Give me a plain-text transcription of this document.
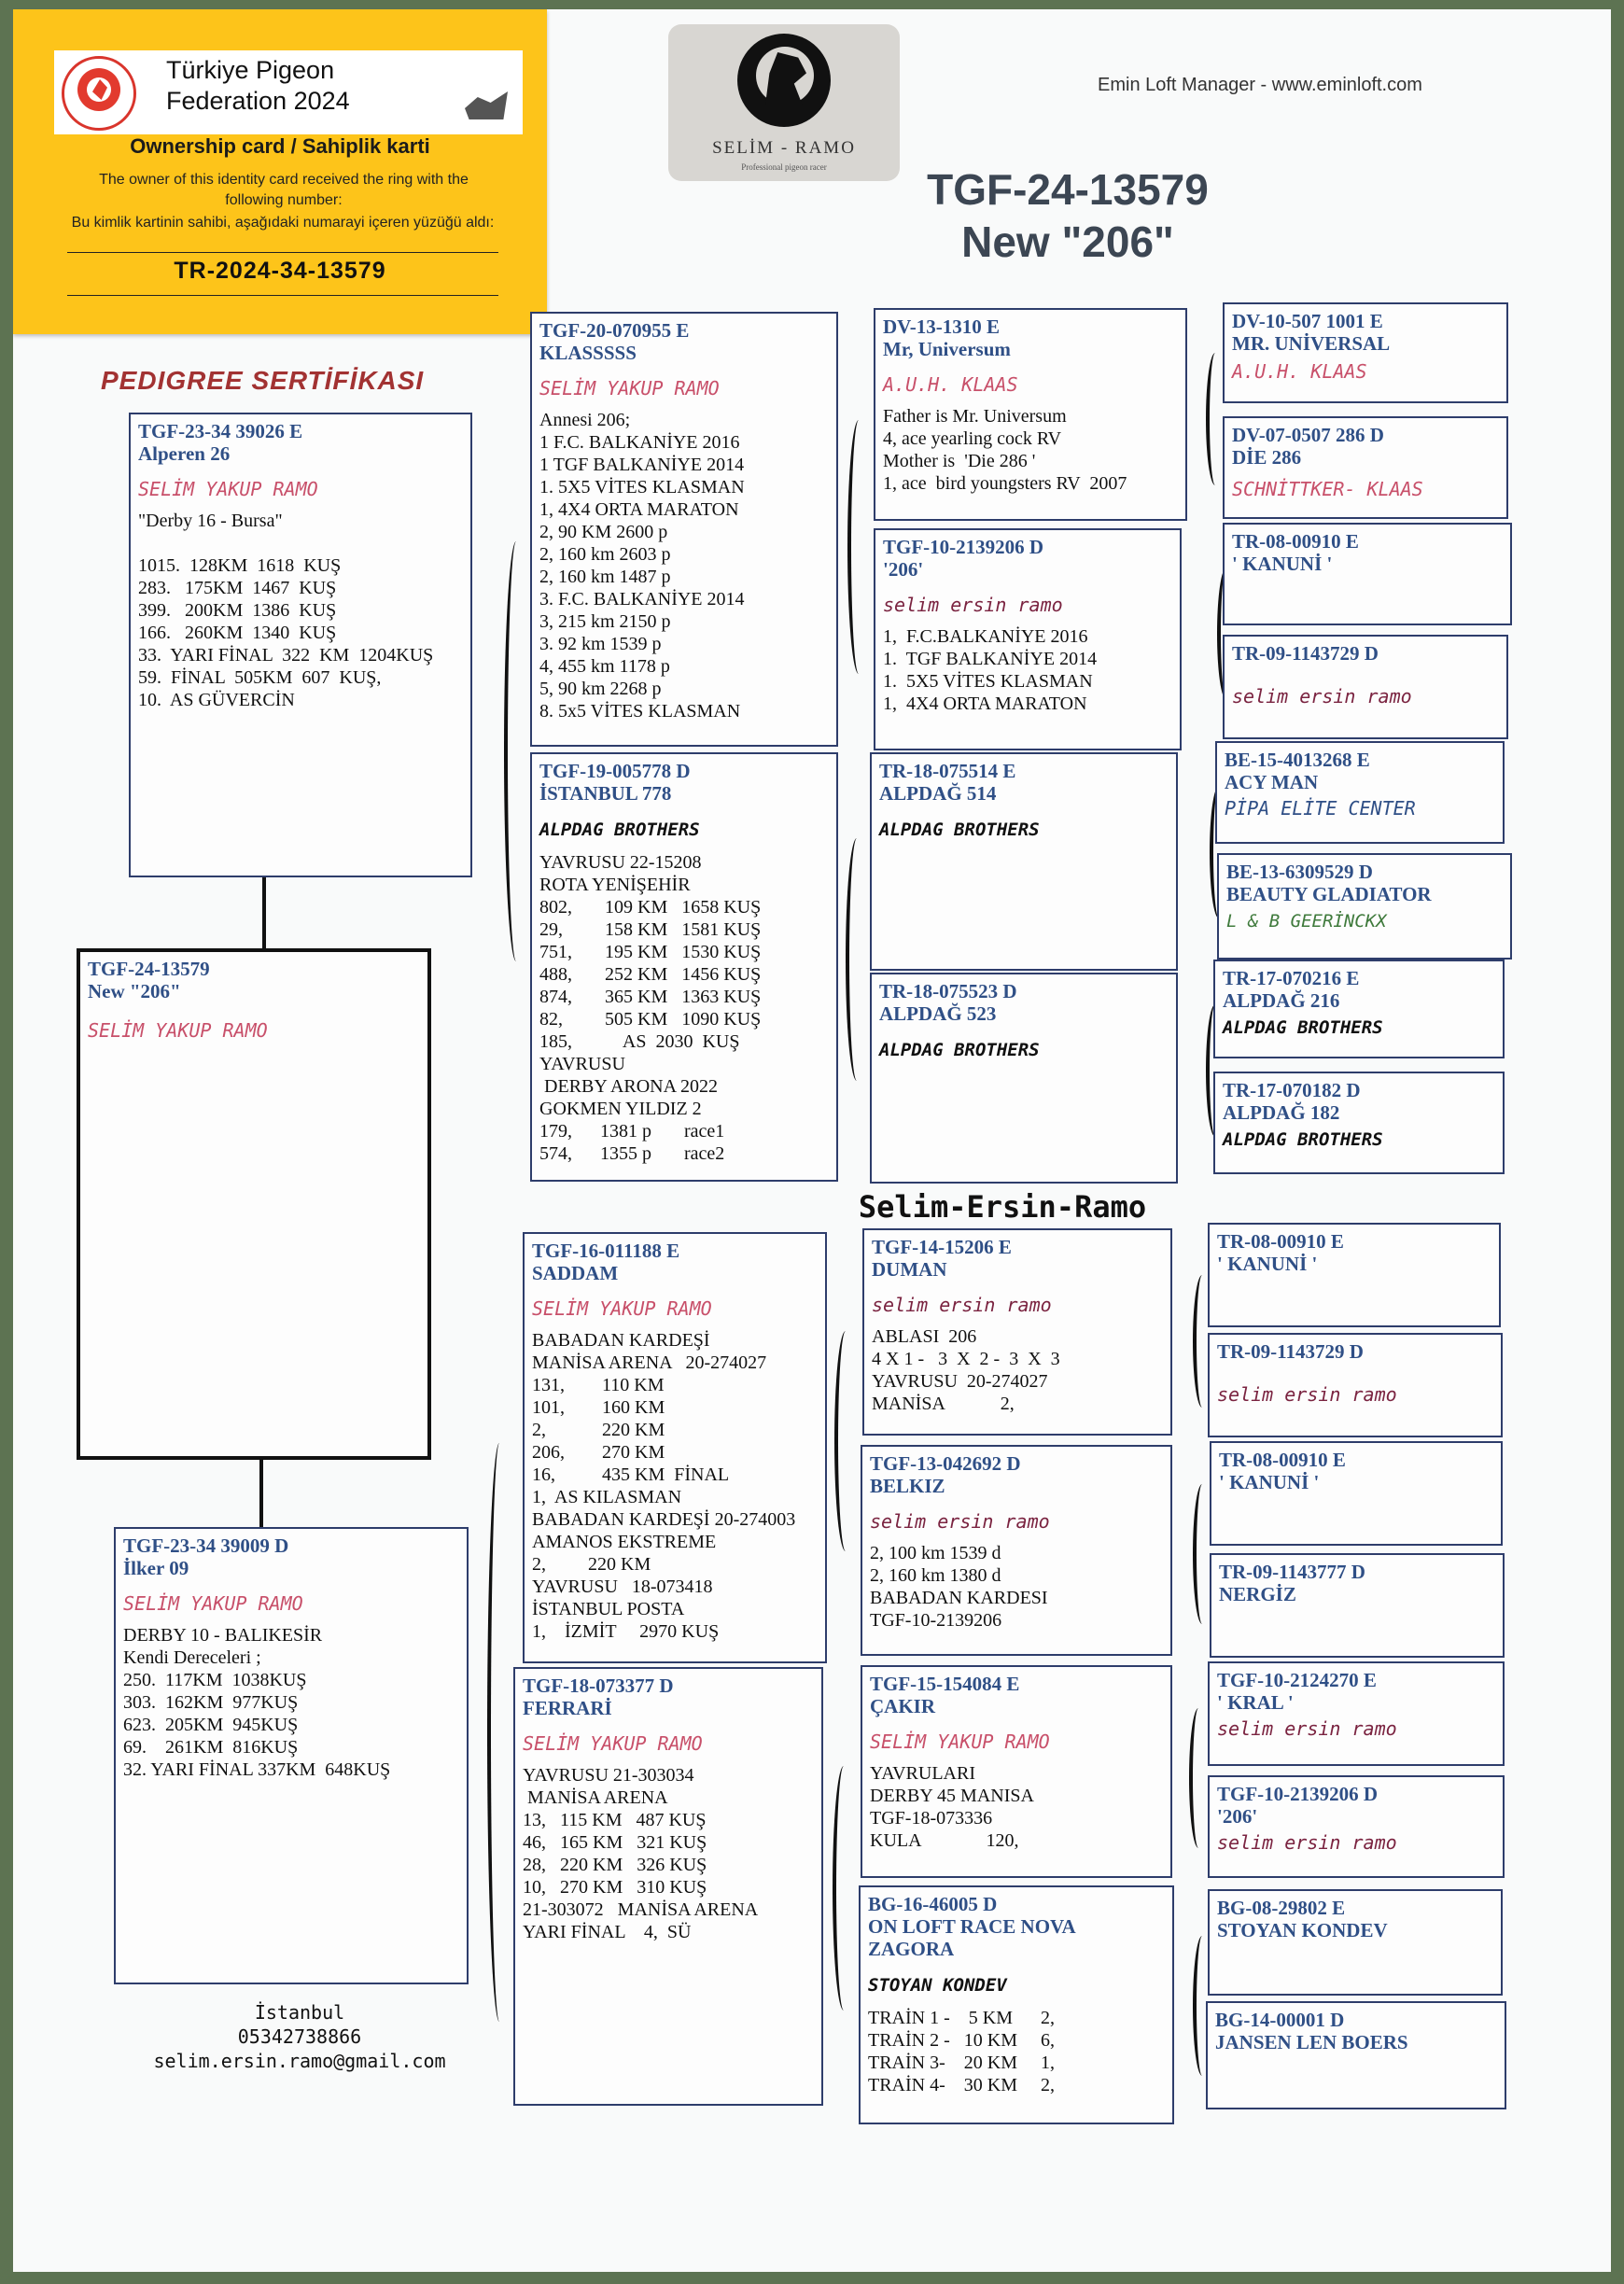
Türkiye Pigeon
Federation 2024
Ownership card / Sahiplik karti
The owner of this identity card received the ring with the following number:
Bu kimlik kartinin sahibi, aşağıdaki numarayi içeren yüzüğü aldı:
TR-2024-34-13579
SELİM - RAMO
Professional pigeon racer
Emin Loft Manager - www.eminloft.com
TGF-24-13579
New "206"
PEDIGREE SERTİFİKASI
TGF-24-13579
New "206"
SELİM YAKUP RAMO
TGF-23-34 39026 E
Alperen 26
SELİM YAKUP RAMO
"Derby 16 - Bursa"

1015.  128KM  1618  KUŞ
283.   175KM  1467  KUŞ
399.   200KM  1386  KUŞ
166.   260KM  1340  KUŞ
33.  YARI FİNAL  322  KM  1204KUŞ
59.  FİNAL  505KM  607  KUŞ,
10.  AS GÜVERCİN
TGF-23-34 39009 D
İlker 09
SELİM YAKUP RAMO
DERBY 10 - BALIKESİR
Kendi Dereceleri ;
250.  117KM  1038KUŞ
303.  162KM  977KUŞ
623.  205KM  945KUŞ
69.    261KM  816KUŞ
32. YARI FİNAL 337KM  648KUŞ
TGF-20-070955 E
KLASSSSS
SELİM YAKUP RAMO
Annesi 206;
1 F.C. BALKANİYE 2016
1 TGF BALKANİYE 2014
1. 5X5 VİTES KLASMAN
1, 4X4 ORTA MARATON
2, 90 KM 2600 p
2, 160 km 2603 p
2, 160 km 1487 p
3. F.C. BALKANİYE 2014
3, 215 km 2150 p
3. 92 km 1539 p
4, 455 km 1178 p
5, 90 km 2268 p
8. 5x5 VİTES KLASMAN
TGF-19-005778 D
İSTANBUL 778
ALPDAG BROTHERS
YAVRUSU 22-15208
ROTA YENİŞEHİR
802,       109 KM   1658 KUŞ
29,         158 KM   1581 KUŞ
751,       195 KM   1530 KUŞ
488,       252 KM   1456 KUŞ
874,       365 KM   1363 KUŞ
82,         505 KM   1090 KUŞ
185,           AS  2030  KUŞ
YAVRUSU
DERBY ARONA 2022
GOKMEN YILDIZ 2
179,      1381 p       race1
574,      1355 p       race2
TGF-16-011188 E
SADDAM
SELİM YAKUP RAMO
BABADAN KARDEŞİ
MANİSA ARENA   20-274027
131,        110 KM
101,        160 KM
2,            220 KM
206,        270 KM
16,          435 KM  FİNAL
1,  AS KILASMAN
BABADAN KARDEŞİ 20-274003
AMANOS EKSTREME
2,         220 KM
YAVRUSU   18-073418
İSTANBUL POSTA
1,    İZMİT     2970 KUŞ
TGF-18-073377 D
FERRARİ
SELİM YAKUP RAMO
YAVRUSU 21-303034
MANİSA ARENA
13,   115 KM   487 KUŞ
46,   165 KM   321 KUŞ
28,   220 KM   326 KUŞ
10,   270 KM   310 KUŞ
21-303072   MANİSA ARENA
YARI FİNAL    4,  SÜ
DV-13-1310 E
Mr, Universum
A.U.H. KLAAS
Father is Mr. Universum
4, ace yearling cock RV
Mother is  'Die 286 '
1, ace  bird youngsters RV  2007
TGF-10-2139206 D
'206'
selim ersin ramo
1,  F.C.BALKANİYE 2016
1.  TGF BALKANİYE 2014
1.  5X5 VİTES KLASMAN
1,  4X4 ORTA MARATON
TR-18-075514 E
ALPDAĞ 514
ALPDAG BROTHERS
TR-18-075523 D
ALPDAĞ 523
ALPDAG BROTHERS
Selim-Ersin-Ramo
TGF-14-15206 E
DUMAN
selim ersin ramo
ABLASI  206
4 X 1 -   3  X  2 -  3  X  3
YAVRUSU  20-274027
MANİSA            2,
TGF-13-042692 D
BELKIZ
selim ersin ramo
2, 100 km 1539 d
2, 160 km 1380 d
BABADAN KARDESI
TGF-10-2139206
TGF-15-154084 E
ÇAKIR
SELİM YAKUP RAMO
YAVRULARI
DERBY 45 MANISA
TGF-18-073336
KULA              120,
BG-16-46005 D
ON LOFT RACE NOVA ZAGORA
STOYAN KONDEV
TRAİN 1 -    5 KM      2,
TRAİN 2 -   10 KM     6,
TRAİN 3-    20 KM     1,
TRAİN 4-    30 KM     2,
DV-10-507 1001 E
MR. UNİVERSAL
A.U.H. KLAAS
DV-07-0507 286 D
DİE 286
SCHNİTTKER- KLAAS
TR-08-00910 E
' KANUNİ '
TR-09-1143729 D
selim ersin ramo
BE-15-4013268 E
ACY MAN
PİPA ELİTE CENTER
BE-13-6309529 D
BEAUTY GLADIATOR
L & B GEERİNCKX
TR-17-070216 E
ALPDAĞ 216
ALPDAG BROTHERS
TR-17-070182 D
ALPDAĞ 182
ALPDAG BROTHERS
TR-08-00910 E
' KANUNİ '
TR-09-1143729 D
selim ersin ramo
TR-08-00910 E
' KANUNİ '
TR-09-1143777 D
NERGİZ
TGF-10-2124270 E
' KRAL '
selim ersin ramo
TGF-10-2139206 D
'206'
selim ersin ramo
BG-08-29802 E
STOYAN KONDEV
BG-14-00001 D
JANSEN LEN BOERS
İstanbul
05342738866
selim.ersin.ramo@gmail.com
